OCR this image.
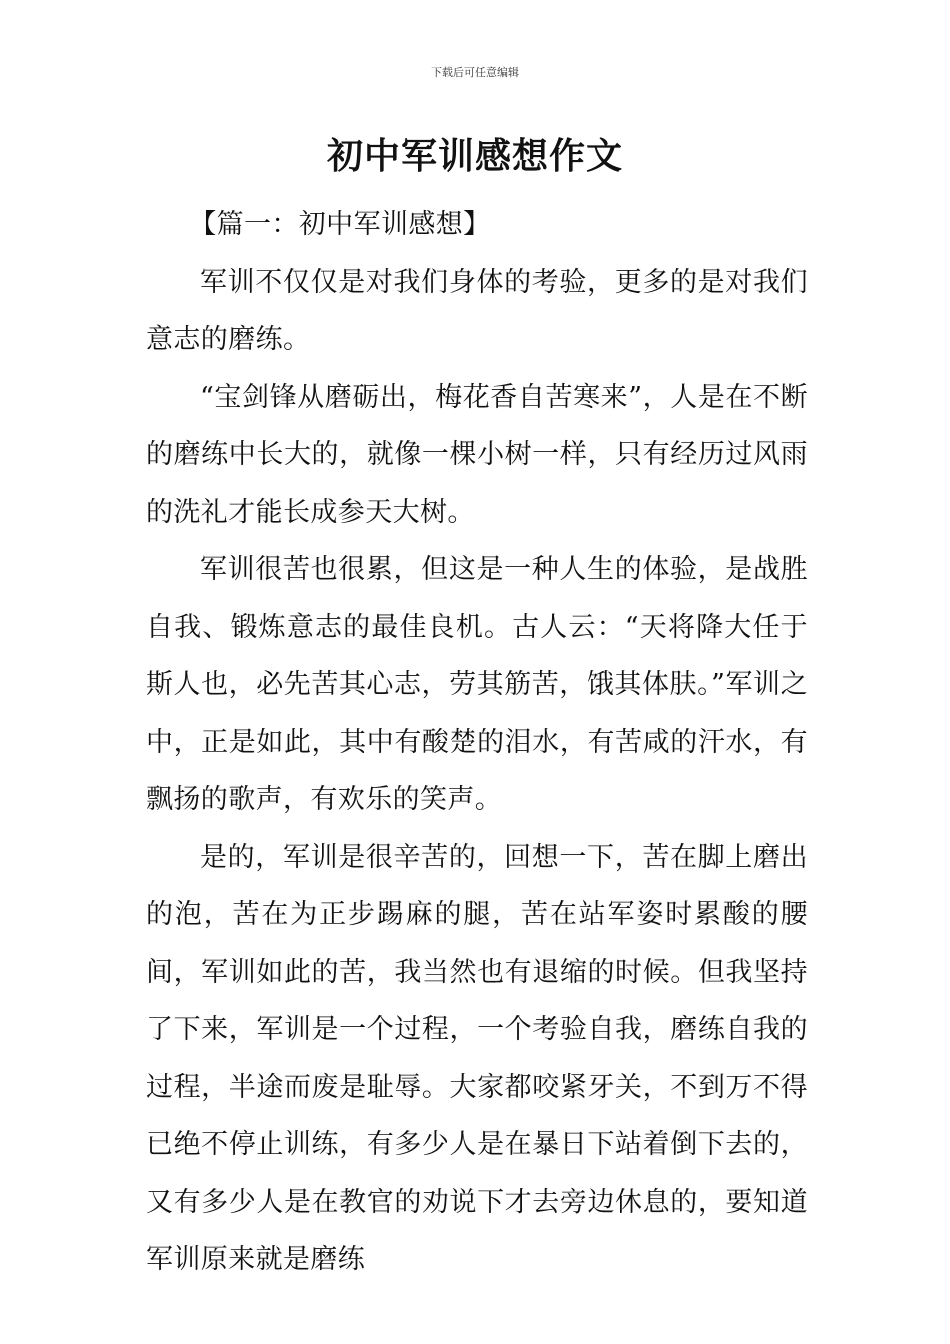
下载后可任意编辑
初中军训感想作文

【篇一：初中军训感想】

军训不仅仅是对我们身体的考验，更多的是对我们意志的磨练。

“宝剑锋从磨砺出，梅花香自苦寒来”，人是在不断的磨练中长大的，就像一棵小树一样，只有经历过风雨的洗礼才能长成参天大树。

军训很苦也很累，但这是一种人生的体验，是战胜自我、锻炼意志的最佳良机。古人云：“天将降大任于斯人也，必先苦其心志，劳其筋苦，饿其体肤。”军训之中，正是如此，其中有酸楚的泪水，有苦咸的汗水，有飘扬的歌声，有欢乐的笑声。

是的，军训是很辛苦的，回想一下，苦在脚上磨出的泡，苦在为正步踢麻的腿，苦在站军姿时累酸的腰间，军训如此的苦，我当然也有退缩的时候。但我坚持了下来，军训是一个过程，一个考验自我，磨练自我的过程，半途而废是耻辱。大家都咬紧牙关，不到万不得已绝不停止训练，有多少人是在暴日下站着倒下去的，又有多少人是在教官的劝说下才去旁边休息的，要知道军训原来就是磨练
